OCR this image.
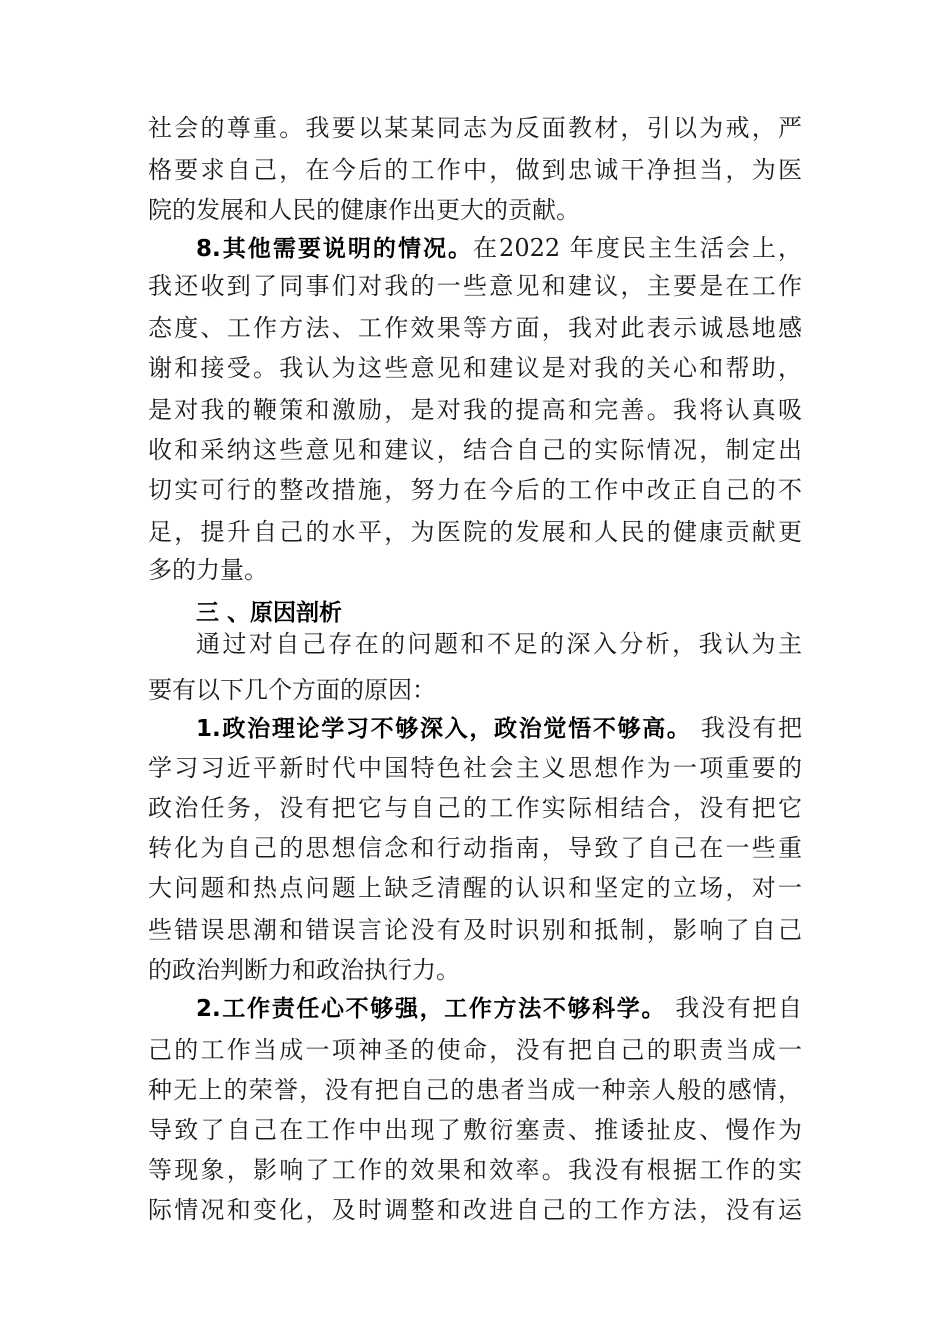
社会的尊重。我要以某某同志为反面教材，引以为戒，严
格要求自己，在今后的工作中，做到忠诚干净担当，为医
院的发展和人民的健康作出更大的贡献。
8.其他需要说明的情况。在2022 年度民主生活会上，
我还收到了同事们对我的一些意见和建议，主要是在工作
态度、工作方法、工作效果等方面，我对此表示诚恳地感
谢和接受。我认为这些意见和建议是对我的关心和帮助，
是对我的鞭策和激励，是对我的提高和完善。我将认真吸
收和采纳这些意见和建议，结合自己的实际情况，制定出
切实可行的整改措施，努力在今后的工作中改正自己的不
足，提升自己的水平，为医院的发展和人民的健康贡献更
多的力量。
三 、原因剖析
通过对自己存在的问题和不足的深入分析，我认为主
要有以下几个方面的原因：
1.政治理论学习不够深入，政治觉悟不够高。 我没有把
学习习近平新时代中国特色社会主义思想作为一项重要的
政治任务，没有把它与自己的工作实际相结合，没有把它
转化为自己的思想信念和行动指南，导致了自己在一些重
大问题和热点问题上缺乏清醒的认识和坚定的立场，对一
些错误思潮和错误言论没有及时识别和抵制，影响了自己
的政治判断力和政治执行力。
2.工作责任心不够强，工作方法不够科学。 我没有把自
己的工作当成一项神圣的使命，没有把自己的职责当成一
种无上的荣誉，没有把自己的患者当成一种亲人般的感情，
导致了自己在工作中出现了敷衍塞责、推诿扯皮、慢作为
等现象，影响了工作的效果和效率。我没有根据工作的实
际情况和变化，及时调整和改进自己的工作方法，没有运
